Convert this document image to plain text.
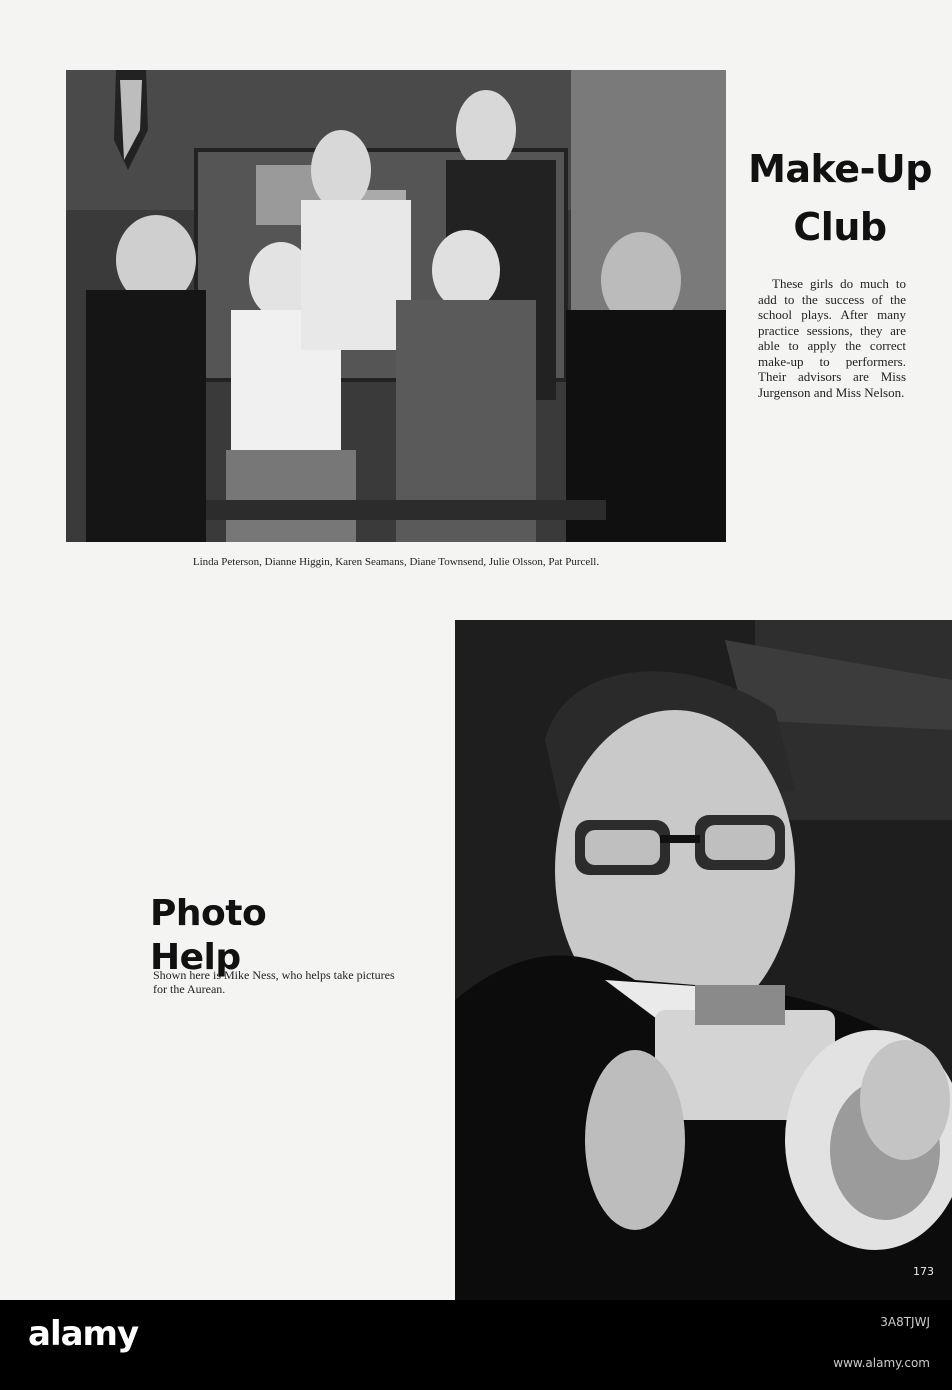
Make-Up Club
These girls do much to add to the success of the school plays. After many practice sessions, they are able to apply the correct make-up to performers. Their advisors are Miss Jurgenson and Miss Nelson.
Linda Peterson, Dianne Higgin, Karen Seamans, Diane Townsend, Julie Olsson, Pat Purcell.
Photo Help
Shown here is Mike Ness, who helps take pictures for the Aurean.
173
alamy	3A8TJWJ
www.alamy.com
